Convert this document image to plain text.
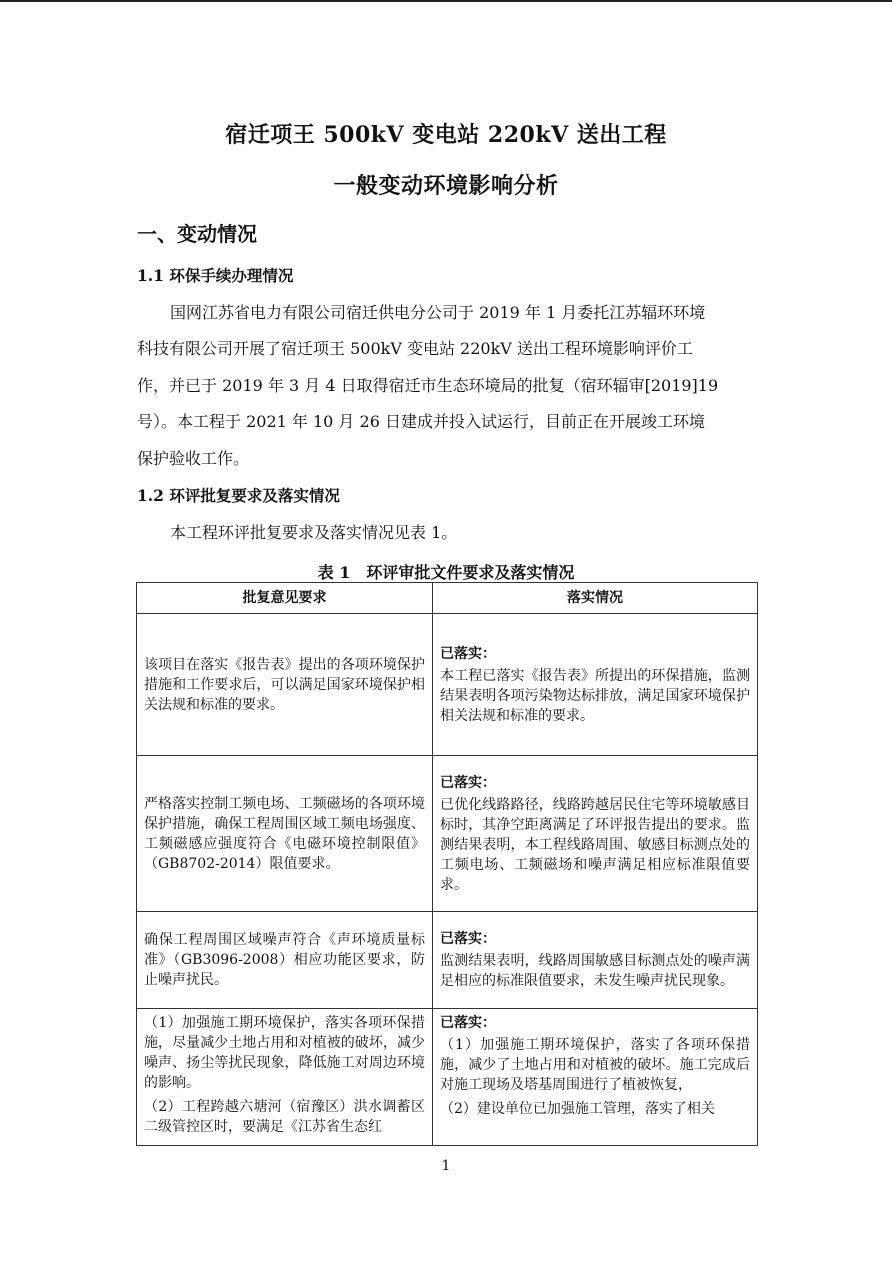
宿迁项王 500kV 变电站 220kV 送出工程
一般变动环境影响分析
一、变动情况
1.1 环保手续办理情况
国网江苏省电力有限公司宿迁供电分公司于 2019 年 1 月委托江苏辐环环境
科技有限公司开展了宿迁项王 500kV 变电站 220kV 送出工程环境影响评价工
作，并已于 2019 年 3 月 4 日取得宿迁市生态环境局的批复（宿环辐审[2019]19
号）。本工程于 2021 年 10 月 26 日建成并投入试运行，目前正在开展竣工环境
保护验收工作。
1.2 环评批复要求及落实情况
本工程环评批复要求及落实情况见表 1。
表 1　环评审批文件要求及落实情况
批复意见要求	落实情况

该项目在落实《报告表》提出的各项环境保护措施和工作要求后，可以满足国家环境保护相关法规和标准的要求。	已落实：
本工程已落实《报告表》所提出的环保措施，监测结果表明各项污染物达标排放，满足国家环境保护相关法规和标准的要求。

严格落实控制工频电场、工频磁场的各项环境保护措施，确保工程周围区域工频电场强度、工频磁感应强度符合《电磁环境控制限值》（GB8702-2014）限值要求。	已落实：
已优化线路路径，线路跨越居民住宅等环境敏感目标时，其净空距离满足了环评报告提出的要求。监测结果表明，本工程线路周围、敏感目标测点处的工频电场、工频磁场和噪声满足相应标准限值要求。

确保工程周围区域噪声符合《声环境质量标准》（GB3096-2008）相应功能区要求，防止噪声扰民。	已落实：
监测结果表明，线路周围敏感目标测点处的噪声满足相应的标准限值要求，未发生噪声扰民现象。

（1）加强施工期环境保护，落实各项环保措施，尽量减少土地占用和对植被的破坏，减少噪声、扬尘等扰民现象，降低施工对周边环境的影响。
（2）工程跨越六塘河（宿豫区）洪水调蓄区二级管控区时，要满足《江苏省生态红	已落实：
（1）加强施工期环境保护，落实了各项环保措施，减少了土地占用和对植被的破坏。施工完成后对施工现场及塔基周围进行了植被恢复，
（2）建设单位已加强施工管理，落实了相关
1
